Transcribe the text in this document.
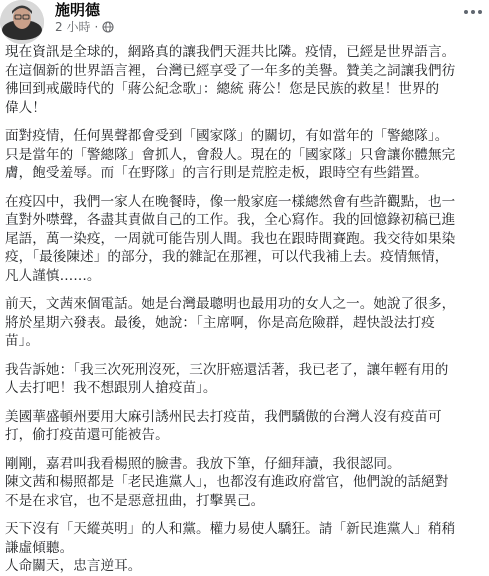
施明德
2 小時 ·

現在資訊是全球的，網路真的讓我們天涯共比隣。疫情，已經是世界語言。
在這個新的世界語言裡，台灣已經享受了一年多的美譽。贊美之詞讓我們彷
彿回到戒嚴時代的「蔣公紀念歌」：總統 蔣公！您是民族的救星！世界的
偉人！

面對疫情，任何異聲都會受到「國家隊」的關切，有如當年的「警總隊」。
只是當年的「警總隊」會抓人，會殺人。現在的「國家隊」只會讓你體無完
膚，飽受羞辱。而「在野隊」的言行則是荒腔走板，跟時空有些錯置。

在疫囚中，我們一家人在晚餐時，像一般家庭一樣總然會有些許觀點，也一
直對外噤聲，各盡其責做自己的工作。我，全心寫作。我的回憶錄初稿已進
尾語，萬一染疫，一周就可能告別人間。我也在跟時間賽跑。我交待如果染
疫，「最後陳述」的部分，我的雜記在那裡，可以代我補上去。疫情無情，
凡人謹慎……。

前天，文茜來個電話。她是台灣最聰明也最用功的女人之一。她說了很多，
將於星期六發表。最後，她說：「主席啊，你是高危險群，趕快設法打疫
苗」。

我告訴她：「我三次死刑沒死，三次肝癌還活著，我已老了，讓年輕有用的
人去打吧！我不想跟別人搶疫苗」。

美國華盛頓州要用大麻引誘州民去打疫苗，我們驕傲的台灣人沒有疫苗可
打，偷打疫苗還可能被告。

剛剛，嘉君叫我看楊照的臉書。我放下筆，仔細拜讀，我很認同。
陳文茜和楊照都是「老民進黨人」，也都沒有進政府當官，他們說的話絕對
不是在求官，也不是惡意扭曲，打擊異己。

天下沒有「天縱英明」的人和黨。權力易使人驕狂。請「新民進黨人」稍稍
謙虛傾聽。
人命關天，忠言逆耳。
